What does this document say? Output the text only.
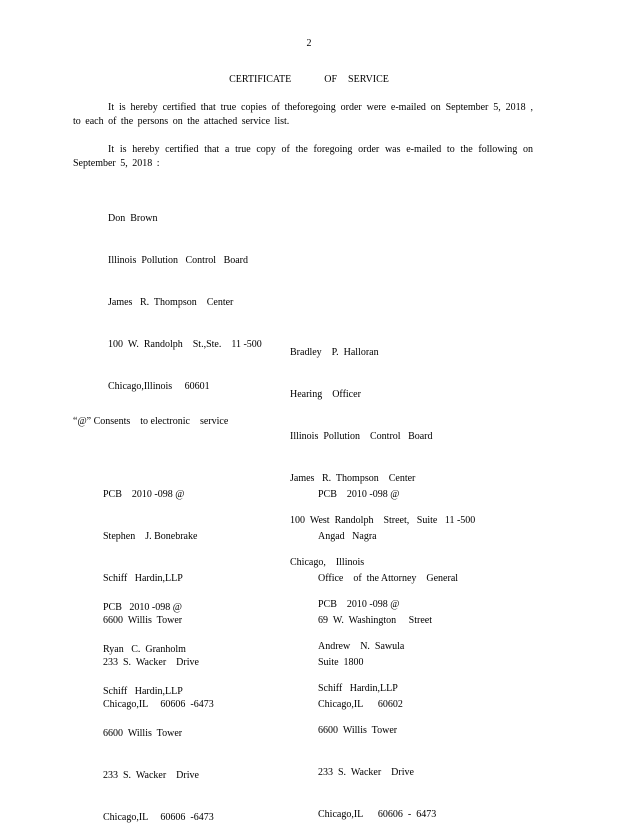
2
CERTIFICATE      OF  SERVICE
It is hereby certified that true copies of theforegoing order were e-mailed on September 5, 2018 , to each of the persons on the attached service list.
It is hereby certified that a true copy of the foregoing order was e-mailed to the following on September 5, 2018 :

Don  Brown

Illinois  Pollution   Control   Board

James   R.  Thompson    Center

100  W.  Randolph    St.,Ste.    11 -500

Chicago,Illinois     60601

Bradley    P.  Halloran

Hearing    Officer

Illinois  Pollution    Control   Board

James   R.  Thompson    Center

100  West  Randolph    Street,   Suite   11 -500

Chicago,    Illinois

“@” Consents    to electronic    service

PCB    2010 -098 @

Stephen    J. Bonebrake

Schiff   Hardin,LLP

6600  Willis  Tower

233  S.  Wacker    Drive

Chicago,IL     60606  -6473

PCB    2010 -098 @

Angad   Nagra

Office    of  the Attorney    General

69  W.  Washington     Street

Suite  1800

Chicago,IL      60602

PCB   2010 -098 @

Ryan   C.  Granholm

Schiff   Hardin,LLP

6600  Willis  Tower

233  S.  Wacker    Drive

Chicago,IL     60606  -6473

PCB    2010 -098 @

Andrew    N.  Sawula

Schiff   Hardin,LLP

6600  Willis  Tower

233  S.  Wacker    Drive

Chicago,IL      60606  -  6473
